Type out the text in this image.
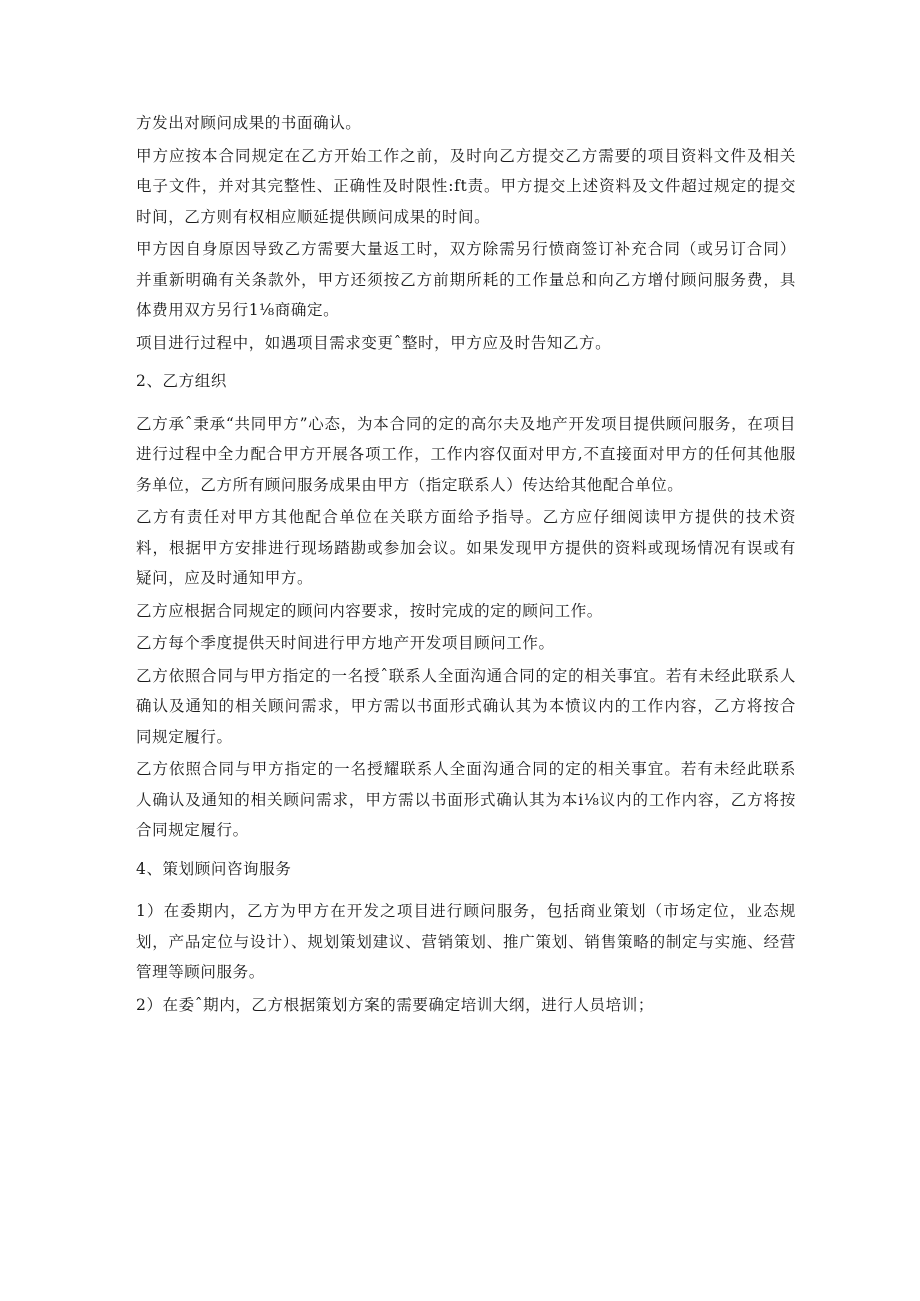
方发出对顾问成果的书面确认。

甲方应按本合同规定在乙方开始工作之前，及时向乙方提交乙方需要的项目资料文件及相关电子文件，并对其完整性、正确性及时限性:ft责。甲方提交上述资料及文件超过规定的提交时间，乙方则有权相应顺延提供顾问成果的时间。

甲方因自身原因导致乙方需要大量返工时，双方除需另行愤商签订补充合同（或另订合同）并重新明确有关条款外，甲方还须按乙方前期所耗的工作量总和向乙方增付顾问服务费，具体费用双方另行1⅛商确定。

项目进行过程中，如遇项目需求变更ˆ整时，甲方应及时告知乙方。

2、乙方组织

乙方承ˆ秉承“共同甲方”心态，为本合同的定的高尔夫及地产开发项目提供顾问服务，在项目进行过程中全力配合甲方开展各项工作，工作内容仅面对甲方,不直接面对甲方的任何其他服务单位，乙方所有顾问服务成果由甲方（指定联系人）传达给其他配合单位。

乙方有责任对甲方其他配合单位在关联方面给予指导。乙方应仔细阅读甲方提供的技术资料，根据甲方安排进行现场踏勘或参加会议。如果发现甲方提供的资料或现场情况有误或有疑问，应及时通知甲方。

乙方应根据合同规定的顾问内容要求，按时完成的定的顾问工作。

乙方每个季度提供天时间进行甲方地产开发项目顾问工作。

乙方依照合同与甲方指定的一名授ˆ联系人全面沟通合同的定的相关事宜。若有未经此联系人确认及通知的相关顾问需求，甲方需以书面形式确认其为本愤议内的工作内容，乙方将按合同规定履行。

乙方依照合同与甲方指定的一名授耀联系人全面沟通合同的定的相关事宜。若有未经此联系人确认及通知的相关顾问需求，甲方需以书面形式确认其为本i⅛议内的工作内容，乙方将按合同规定履行。

4、策划顾问咨询服务

1）在委期内，乙方为甲方在开发之项目进行顾问服务，包括商业策划（市场定位，业态规划，产品定位与设计）、规划策划建议、营销策划、推广策划、销售策略的制定与实施、经营管理等顾问服务。

2）在委ˆ期内，乙方根据策划方案的需要确定培训大纲，进行人员培训；
